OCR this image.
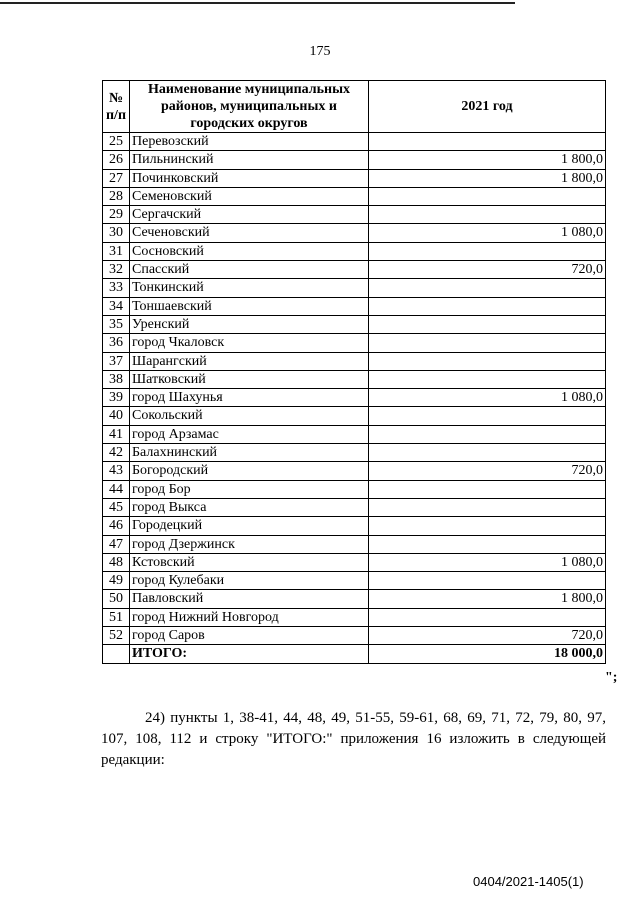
175
№ п/п	Наименование муниципальных районов, муниципальных и городских округов	2021 год
25	Перевозский	
26	Пильнинский	1 800,0
27	Починковский	1 800,0
28	Семеновский	
29	Сергачский	
30	Сеченовский	1 080,0
31	Сосновский	
32	Спасский	720,0
33	Тонкинский	
34	Тоншаевский	
35	Уренский	
36	город Чкаловск	
37	Шарангский	
38	Шатковский	
39	город Шахунья	1 080,0
40	Сокольский	
41	город Арзамас	
42	Балахнинский	
43	Богородский	720,0
44	город Бор	
45	город Выкса	
46	Городецкий	
47	город Дзержинск	
48	Кстовский	1 080,0
49	город Кулебаки	
50	Павловский	1 800,0
51	город Нижний Новгород	
52	город Саров	720,0
	ИТОГО:	18 000,0
";
24) пункты 1, 38-41, 44, 48, 49, 51-55, 59-61, 68, 69, 71, 72, 79, 80, 97, 107, 108, 112 и строку "ИТОГО:" приложения 16 изложить в следующей редакции:
0404/2021-1405(1)
